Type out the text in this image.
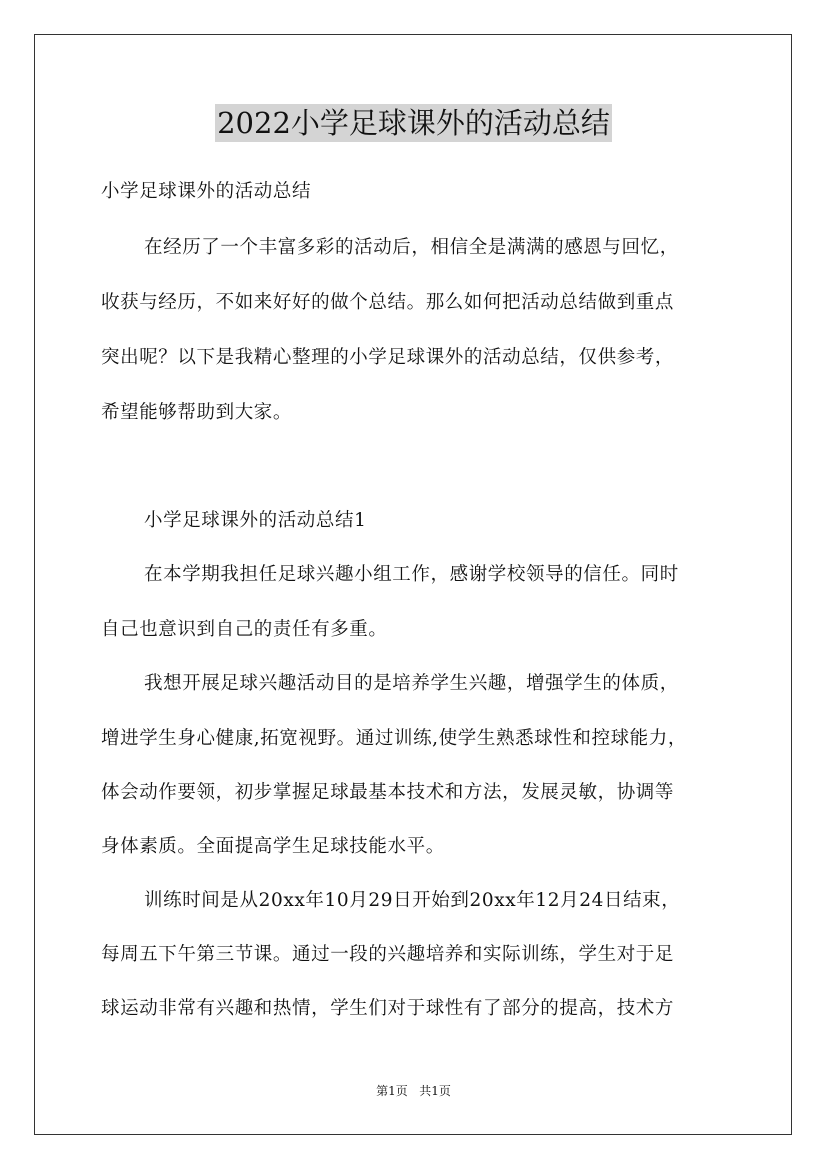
2022小学足球课外的活动总结
小学足球课外的活动总结
在经历了一个丰富多彩的活动后，相信全是满满的感恩与回忆，
收获与经历，不如来好好的做个总结。那么如何把活动总结做到重点
突出呢？以下是我精心整理的小学足球课外的活动总结，仅供参考，
希望能够帮助到大家。
小学足球课外的活动总结1
在本学期我担任足球兴趣小组工作，感谢学校领导的信任。同时
自己也意识到自己的责任有多重。
我想开展足球兴趣活动目的是培养学生兴趣，增强学生的体质，
增进学生身心健康,拓宽视野。通过训练,使学生熟悉球性和控球能力，
体会动作要领，初步掌握足球最基本技术和方法，发展灵敏，协调等
身体素质。全面提高学生足球技能水平。
训练时间是从20xx年10月29日开始到20xx年12月24日结束，
每周五下午第三节课。通过一段的兴趣培养和实际训练，学生对于足
球运动非常有兴趣和热情，学生们对于球性有了部分的提高，技术方
第1页 共1页
